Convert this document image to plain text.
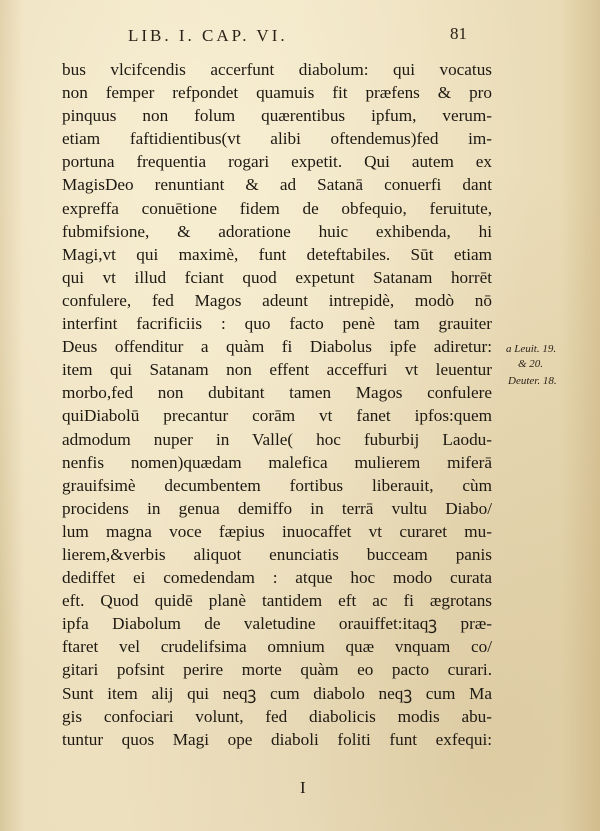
LIB. I. CAP. VI.	81
bus vlcifcendis accerfunt diabolum: qui vocatus
non femper refpondet quamuis fit præfens & pro
pinquus non folum quærentibus ipfum, verum-
etiam faftidientibus(vt alibi oftendemus)fed im-
portuna frequentia rogari expetit. Qui autem ex
MagisDeo renuntiant & ad Satanā conuerfi dant
expreffa conuētione fidem de obfequio, feruitute,
fubmifsione, & adoratione huic exhibenda, hi
Magi,vt qui maximè, funt deteftabiles. Sūt etiam
qui vt illud fciant quod expetunt Satanam horrēt
confulere, fed Magos adeunt intrepidè, modò nō
interfint facrificiis : quo facto penè tam grauiter
Deus offenditur a quàm fi Diabolus ipfe adiretur:
item qui Satanam non effent acceffuri vt leuentur
morbo,fed non dubitant tamen Magos confulere
quiDiabolū precantur corām vt fanet ipfos:quem
admodum nuper in Valle( hoc fuburbij Laodu-
nenfis nomen)quædam malefica mulierem miferā
grauifsimè decumbentem fortibus liberauit, cùm
procidens in genua demiffo in terrā vultu Diabo/
lum magna voce fæpius inuocaffet vt curaret mu-
lierem,&verbis aliquot enunciatis bucceam panis
dediffet ei comedendam : atque hoc modo curata
eft. Quod quidē planè tantidem eft ac fi ægrotans
ipfa Diabolum de valetudine orauiffet:itaqꝫ præ-
ftaret vel crudelifsima omnium quæ vnquam co/
gitari pofsint perire morte quàm eo pacto curari.
Sunt item alij qui neqꝫ cum diabolo neqꝫ cum Ma
gis confociari volunt, fed diabolicis modis abu-
tuntur quos Magi ope diaboli foliti funt exfequi:
a Leuit. 19.
& 20.
Deuter. 18.
I
